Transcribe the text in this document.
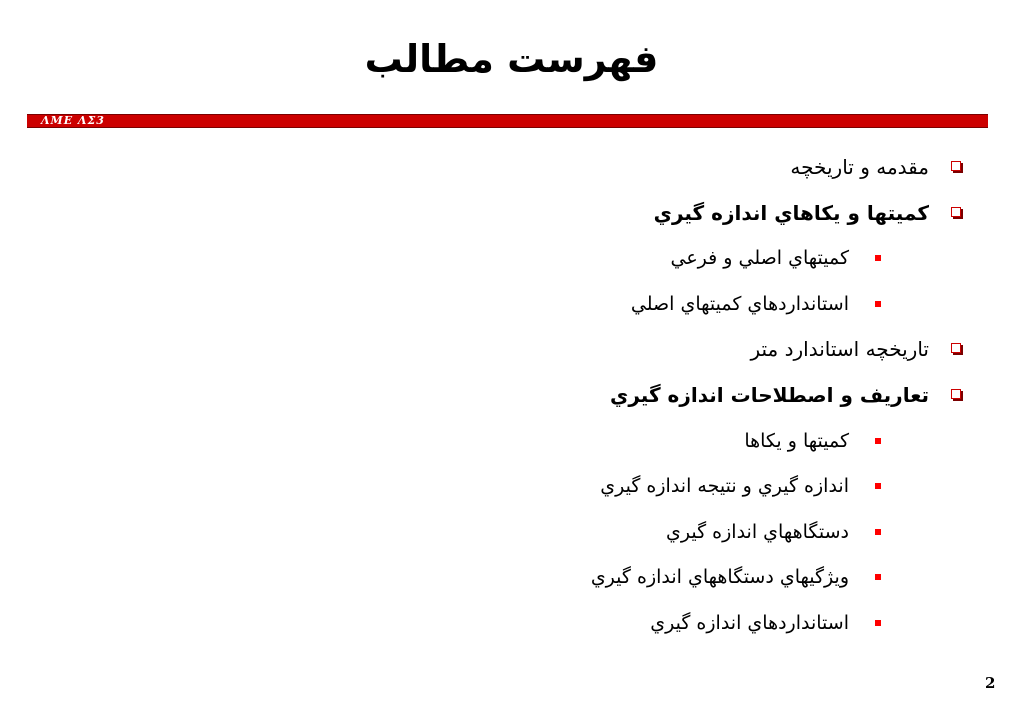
فهرست مطالب
ΛΜΕ ΛΣ3
مقدمه و تاريخچه
كميتها و يكاهاي اندازه گيري
كميتهاي اصلي و فرعي
استانداردهاي كميتهاي اصلي
تاريخچه استاندارد متر
تعاريف و اصطلاحات اندازه گيري
كميتها و يكاها
اندازه گيري و نتيجه اندازه گيري
دستگاههاي اندازه گيري
ويژگيهاي دستگاههاي اندازه گيري
استانداردهاي اندازه گيري
2
